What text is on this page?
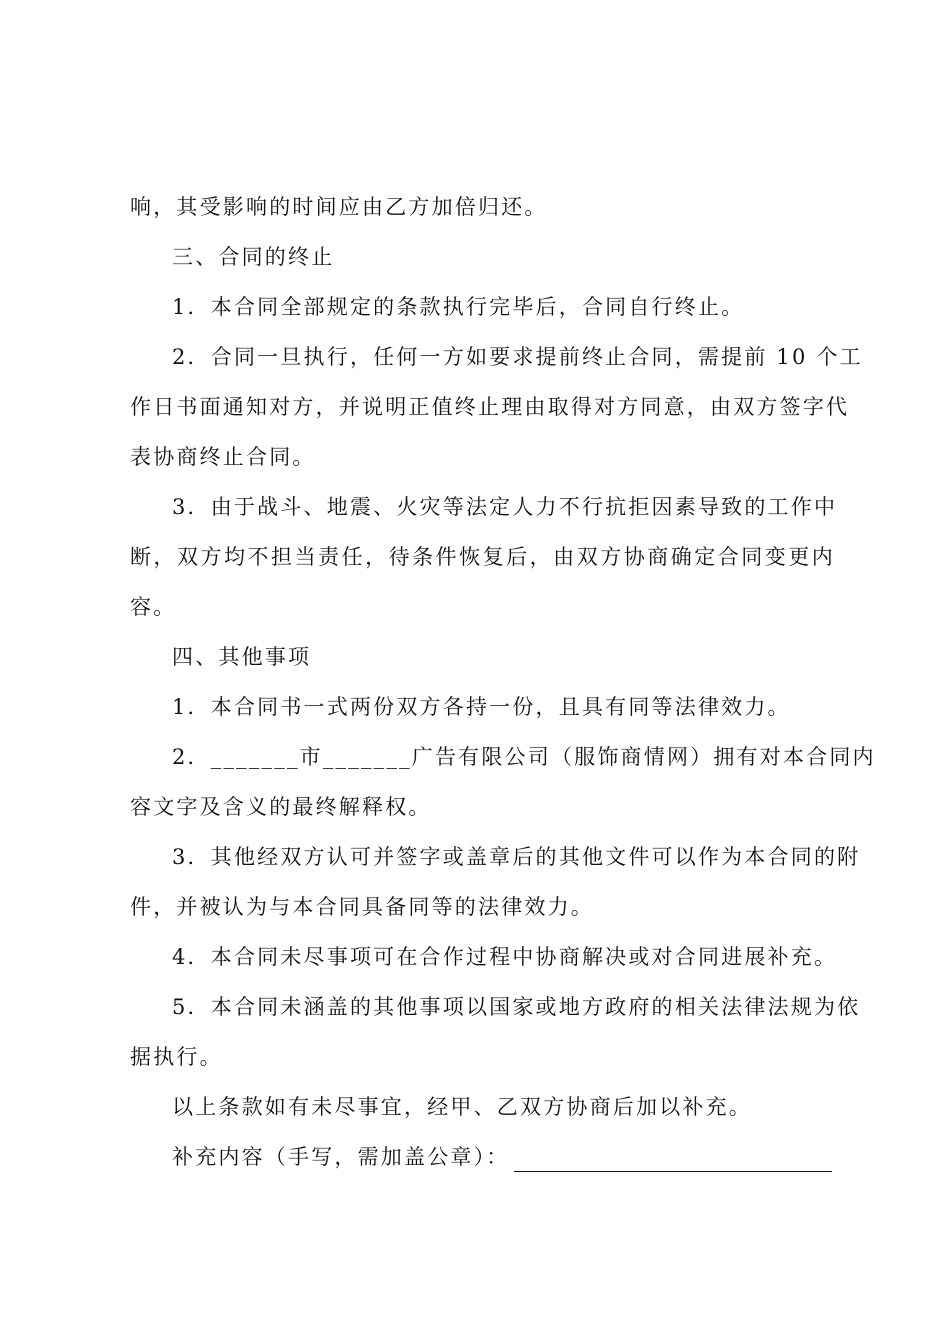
响，其受影响的时间应由乙方加倍归还。
三、合同的终止
1．本合同全部规定的条款执行完毕后，合同自行终止。
2．合同一旦执行，任何一方如要求提前终止合同，需提前 10 个工
作日书面通知对方，并说明正值终止理由取得对方同意，由双方签字代
表协商终止合同。
3．由于战斗、地震、火灾等法定人力不行抗拒因素导致的工作中
断，双方均不担当责任，待条件恢复后，由双方协商确定合同变更内
容。
四、其他事项
1．本合同书一式两份双方各持一份，且具有同等法律效力。
2．_______市_______广告有限公司（服饰商情网）拥有对本合同内
容文字及含义的最终解释权。
3．其他经双方认可并签字或盖章后的其他文件可以作为本合同的附
件，并被认为与本合同具备同等的法律效力。
4．本合同未尽事项可在合作过程中协商解决或对合同进展补充。
5．本合同未涵盖的其他事项以国家或地方政府的相关法律法规为依
据执行。
以上条款如有未尽事宜，经甲、乙双方协商后加以补充。
补充内容（手写，需加盖公章）：
